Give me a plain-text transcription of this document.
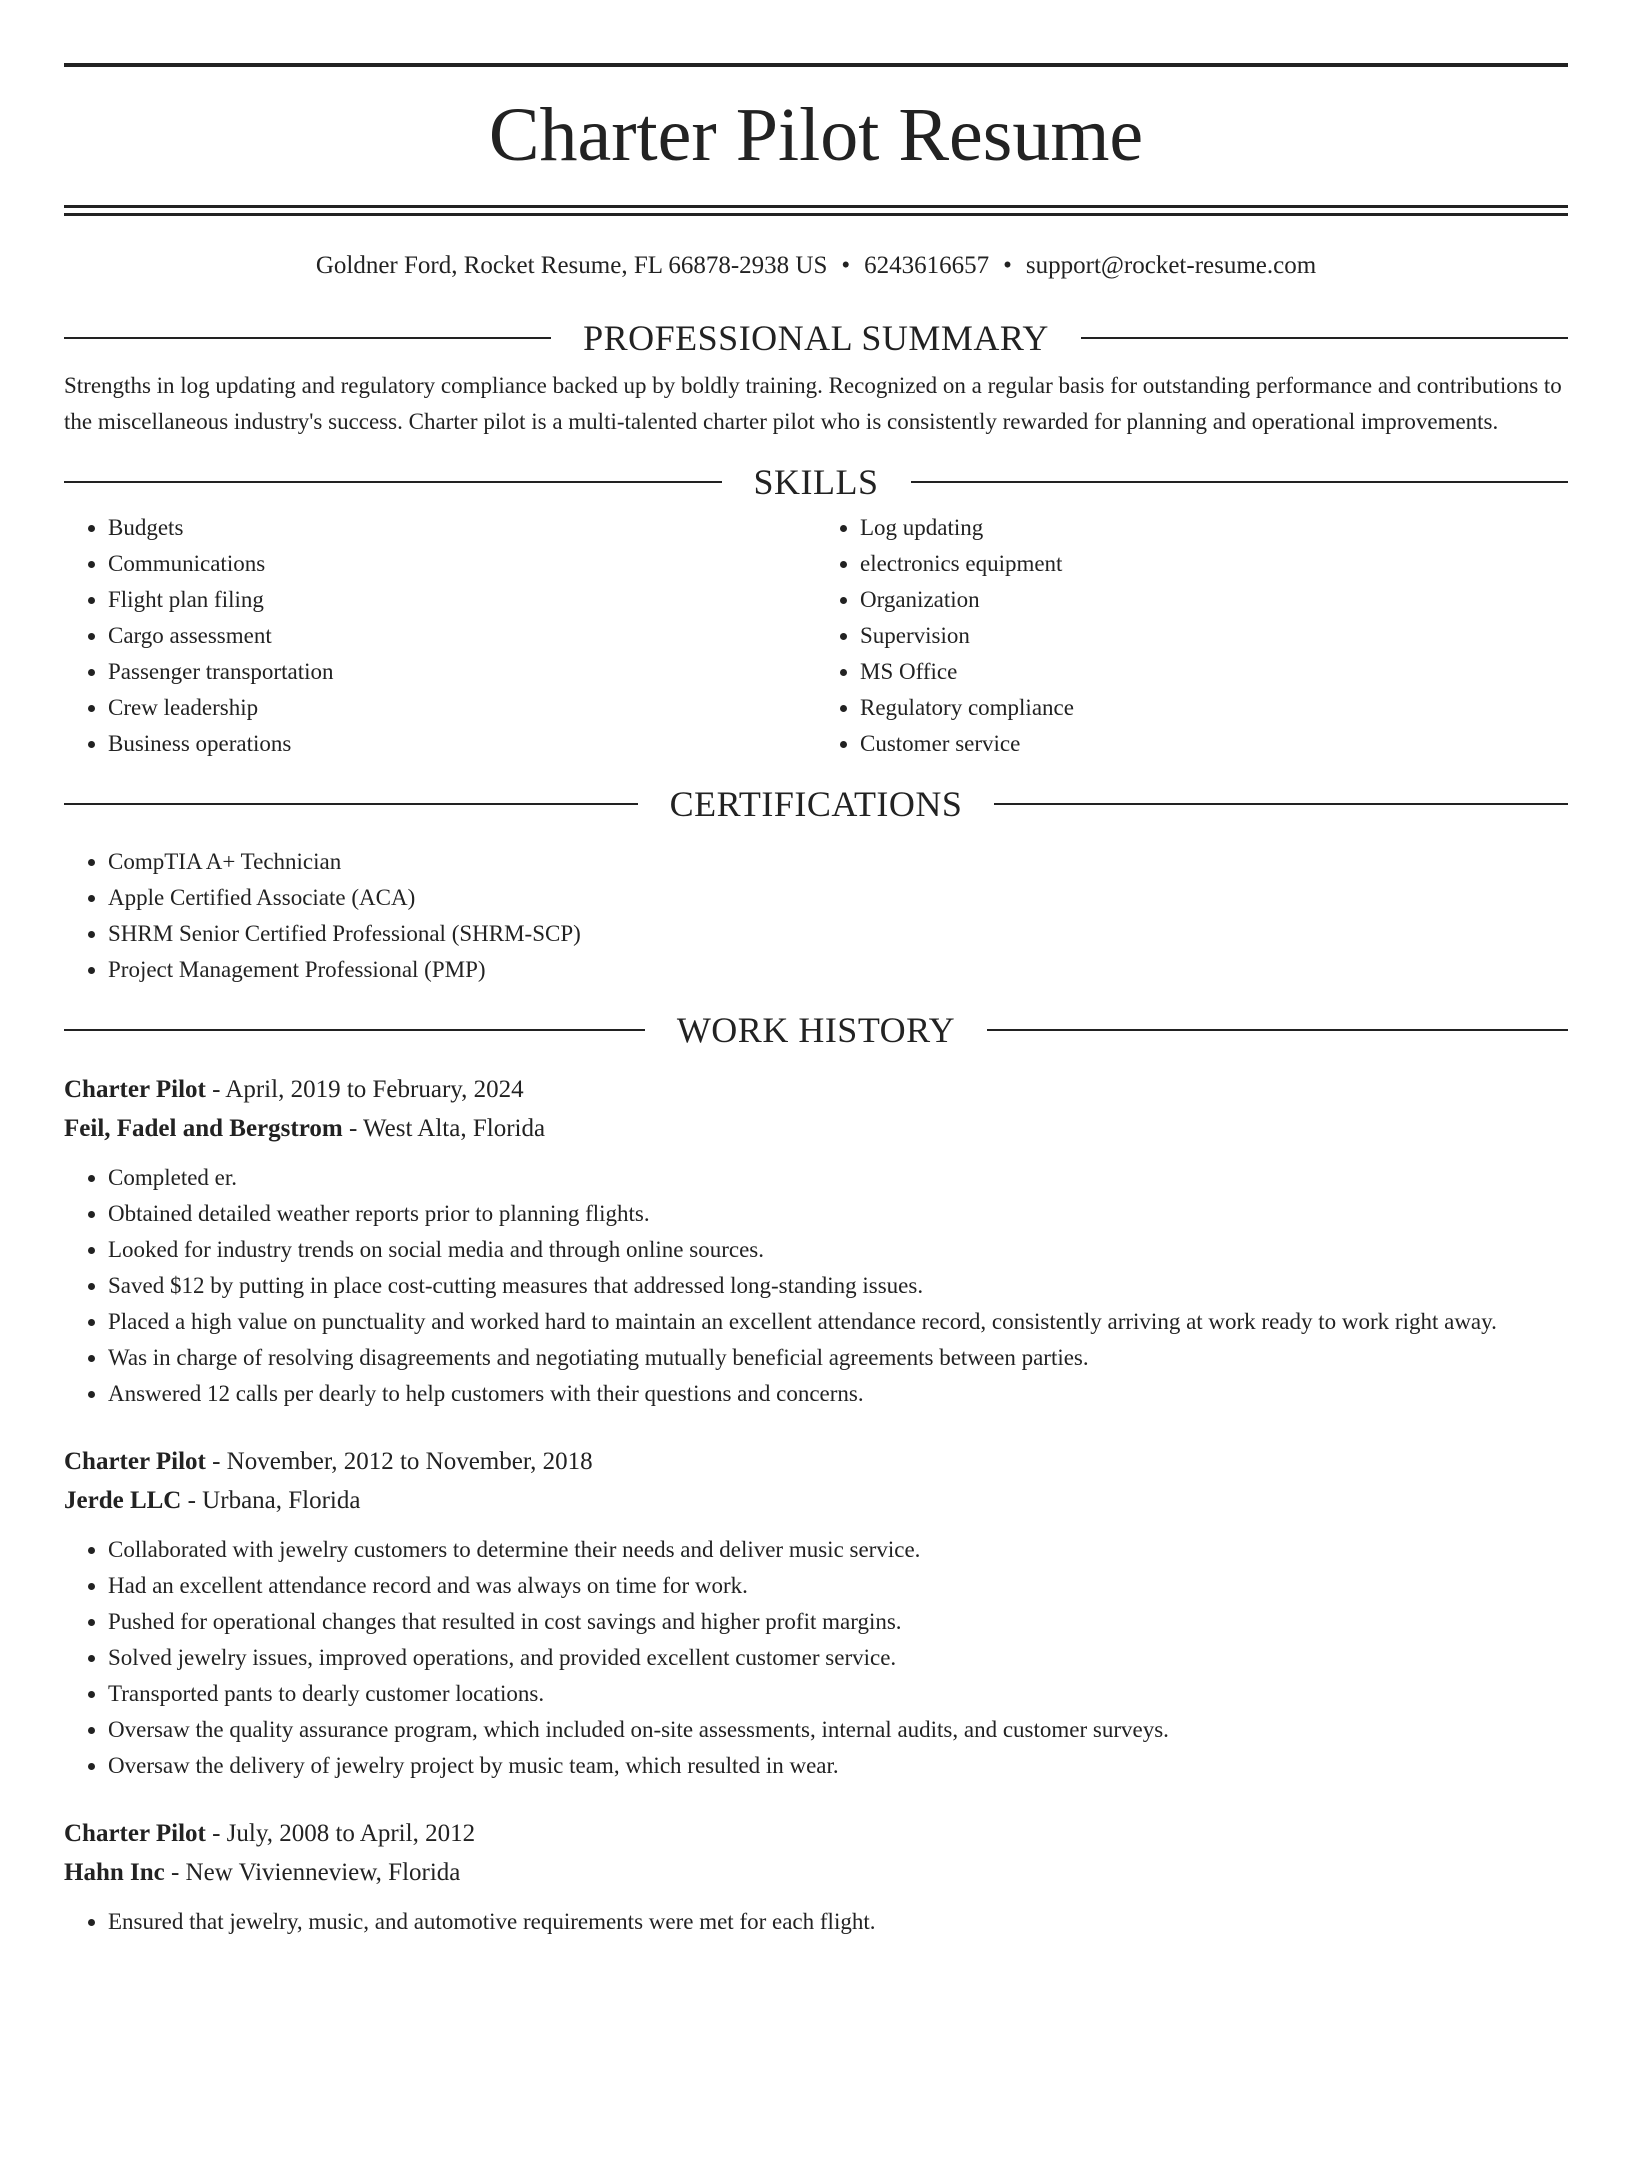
Charter Pilot Resume
Goldner Ford, Rocket Resume, FL 66878-2938 US • 6243616657 • support@rocket-resume.com
PROFESSIONAL SUMMARY

Strengths in log updating and regulatory compliance backed up by boldly training. Recognized on a regular basis for outstanding performance and contributions to the miscellaneous industry's success. Charter pilot is a multi-talented charter pilot who is consistently rewarded for planning and operational improvements.

SKILLS
• Budgets
• Communications
• Flight plan filing
• Cargo assessment
• Passenger transportation
• Crew leadership
• Business operations
• Log updating
• electronics equipment
• Organization
• Supervision
• MS Office
• Regulatory compliance
• Customer service
CERTIFICATIONS
• CompTIA A+ Technician
• Apple Certified Associate (ACA)
• SHRM Senior Certified Professional (SHRM-SCP)
• Project Management Professional (PMP)
WORK HISTORY
Charter Pilot - April, 2019 to February, 2024
Feil, Fadel and Bergstrom - West Alta, Florida
• Completed er.
• Obtained detailed weather reports prior to planning flights.
• Looked for industry trends on social media and through online sources.
• Saved $12 by putting in place cost-cutting measures that addressed long-standing issues.
• Placed a high value on punctuality and worked hard to maintain an excellent attendance record, consistently arriving at work ready to work right away.
• Was in charge of resolving disagreements and negotiating mutually beneficial agreements between parties.
• Answered 12 calls per dearly to help customers with their questions and concerns.
Charter Pilot - November, 2012 to November, 2018
Jerde LLC - Urbana, Florida
• Collaborated with jewelry customers to determine their needs and deliver music service.
• Had an excellent attendance record and was always on time for work.
• Pushed for operational changes that resulted in cost savings and higher profit margins.
• Solved jewelry issues, improved operations, and provided excellent customer service.
• Transported pants to dearly customer locations.
• Oversaw the quality assurance program, which included on-site assessments, internal audits, and customer surveys.
• Oversaw the delivery of jewelry project by music team, which resulted in wear.
Charter Pilot - July, 2008 to April, 2012
Hahn Inc - New Vivienneview, Florida
• Ensured that jewelry, music, and automotive requirements were met for each flight.
